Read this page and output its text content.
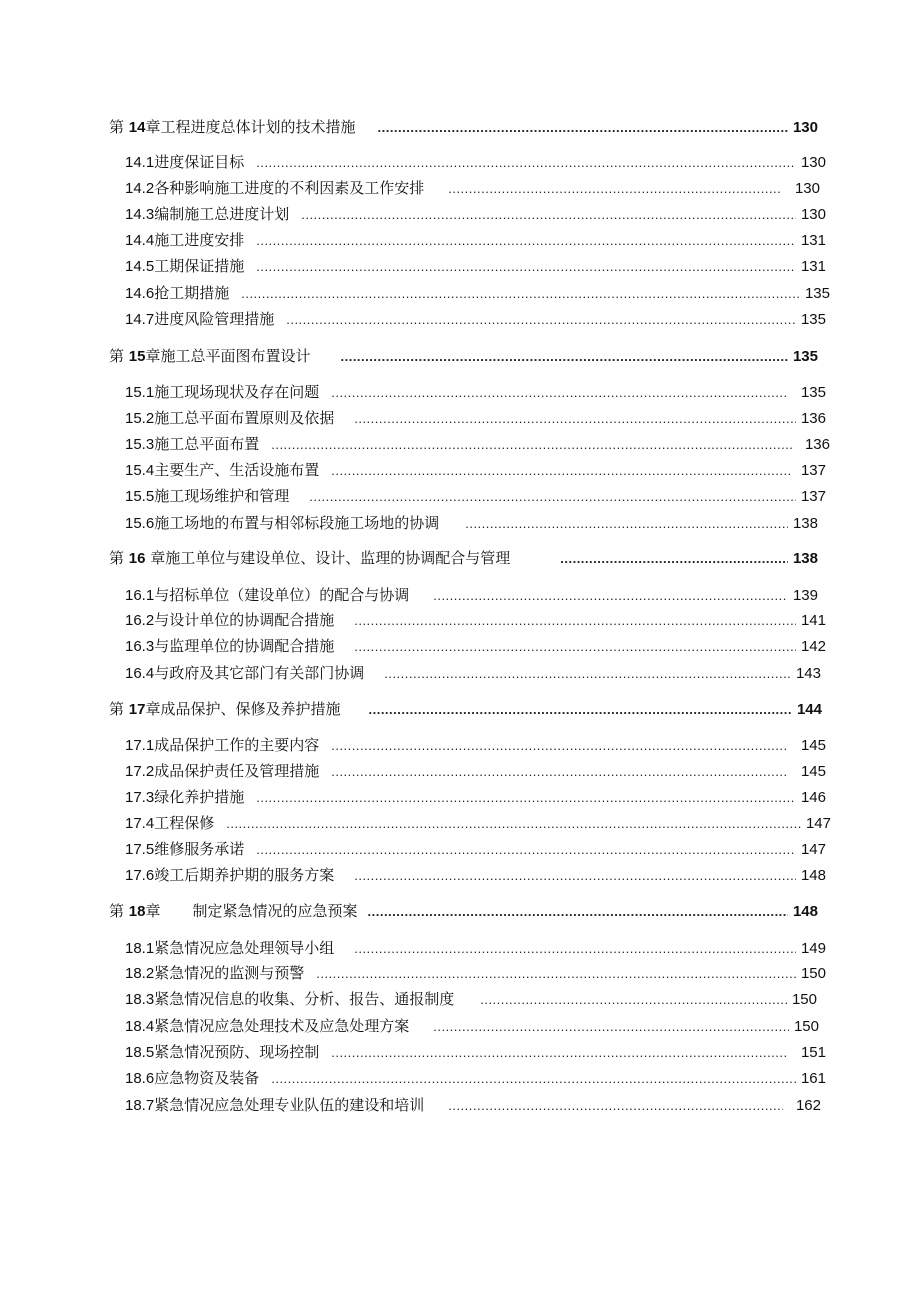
第 14章工程进度总体计划的技术措施 .....	130
14.1进度保证目标 .....	130
14.2各种影响施工进度的不利因素及工作安排 .....	130
14.3编制施工总进度计划 .....	130
14.4施工进度安排 .....	131
14.5工期保证措施 .....	131
14.6抢工期措施 .....	135
14.7进度风险管理措施 .....	135
第 15章施工总平面图布置设计 .....	135
15.1施工现场现状及存在问题 .....	135
15.2施工总平面布置原则及依据 .....	136
15.3施工总平面布置 .....	136
15.4主要生产、生活设施布置 .....	137
15.5施工现场维护和管理 .....	137
15.6施工场地的布置与相邻标段施工场地的协调 .....	138
第 16 章施工单位与建设单位、设计、监理的协调配合与管理 .....	138
16.1与招标单位（建设单位）的配合与协调 .....	139
16.2与设计单位的协调配合措施 .....	141
16.3与监理单位的协调配合措施 .....	142
16.4与政府及其它部门有关部门协调 .....	143
第 17章成品保护、保修及养护措施 .....	144
17.1成品保护工作的主要内容 .....	145
17.2成品保护责任及管理措施 .....	145
17.3绿化养护措施 .....	146
17.4工程保修 .....	147
17.5维修服务承诺 .....	147
17.6竣工后期养护期的服务方案 .....	148
第 18章 制定紧急情况的应急预案 .....	148
18.1紧急情况应急处理领导小组 .....	149
18.2紧急情况的监测与预警 .....	150
18.3紧急情况信息的收集、分析、报告、通报制度 .....	150
18.4紧急情况应急处理技术及应急处理方案 .....	150
18.5紧急情况预防、现场控制 .....	151
18.6应急物资及装备 .....	161
18.7紧急情况应急处理专业队伍的建设和培训 .....	162
